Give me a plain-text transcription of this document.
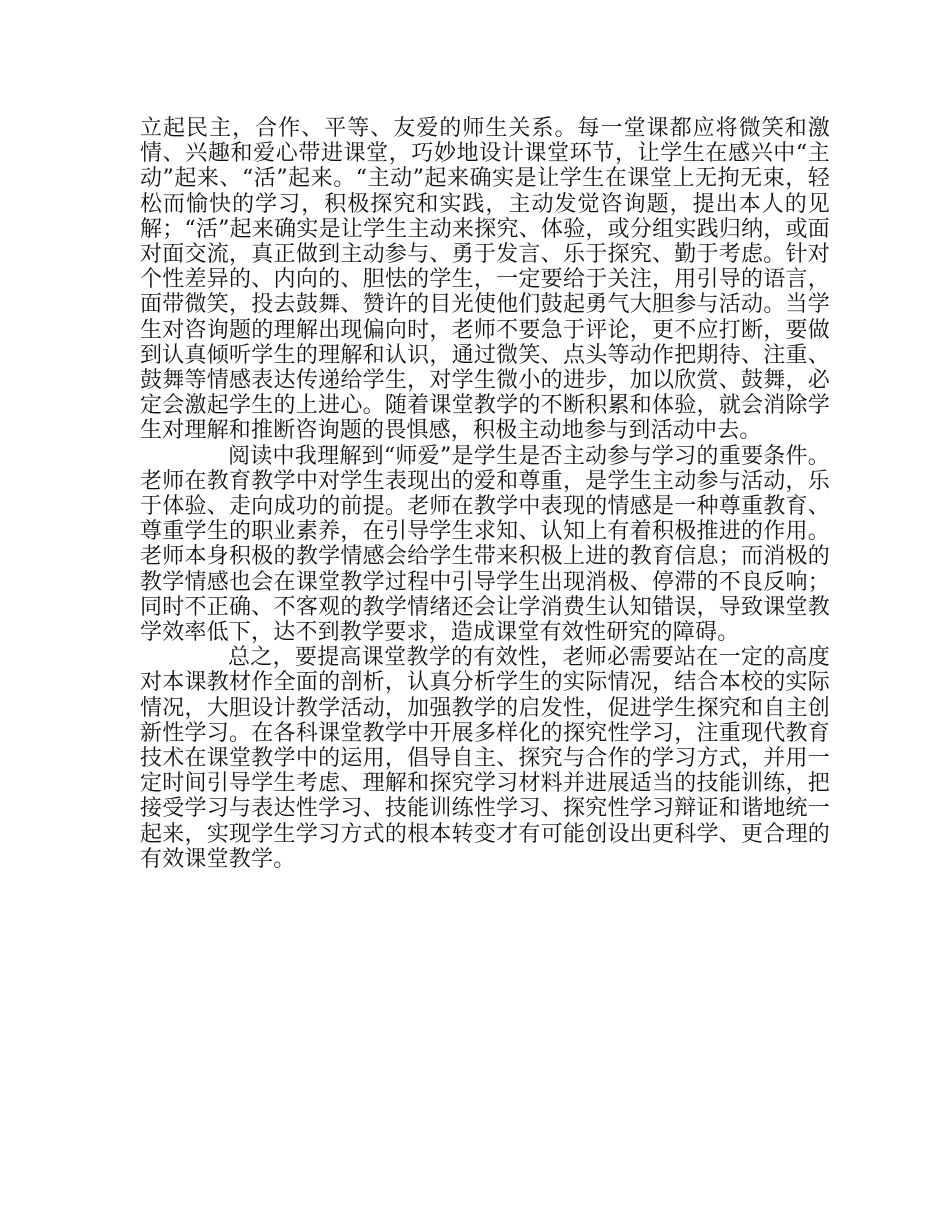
立起民主，合作、平等、友爱的师生关系。每一堂课都应将微笑和激情、兴趣和爱心带进课堂，巧妙地设计课堂环节，让学生在感兴中“主动”起来、“活”起来。“主动”起来确实是让学生在课堂上无拘无束，轻松而愉快的学习，积极探究和实践，主动发觉咨询题，提出本人的见解；“活”起来确实是让学生主动来探究、体验，或分组实践归纳，或面对面交流，真正做到主动参与、勇于发言、乐于探究、勤于考虑。针对个性差异的、内向的、胆怯的学生，一定要给于关注，用引导的语言，面带微笑，投去鼓舞、赞许的目光使他们鼓起勇气大胆参与活动。当学生对咨询题的理解出现偏向时，老师不要急于评论，更不应打断，要做到认真倾听学生的理解和认识，通过微笑、点头等动作把期待、注重、鼓舞等情感表达传递给学生，对学生微小的进步，加以欣赏、鼓舞，必定会激起学生的上进心。随着课堂教学的不断积累和体验，就会消除学生对理解和推断咨询题的畏惧感，积极主动地参与到活动中去。

阅读中我理解到“师爱”是学生是否主动参与学习的重要条件。老师在教育教学中对学生表现出的爱和尊重，是学生主动参与活动，乐于体验、走向成功的前提。老师在教学中表现的情感是一种尊重教育、尊重学生的职业素养，在引导学生求知、认知上有着积极推进的作用。老师本身积极的教学情感会给学生带来积极上进的教育信息；而消极的教学情感也会在课堂教学过程中引导学生出现消极、停滞的不良反响；同时不正确、不客观的教学情绪还会让学消费生认知错误，导致课堂教学效率低下，达不到教学要求，造成课堂有效性研究的障碍。

总之，要提高课堂教学的有效性，老师必需要站在一定的高度对本课教材作全面的剖析，认真分析学生的实际情况，结合本校的实际情况，大胆设计教学活动，加强教学的启发性，促进学生探究和自主创新性学习。在各科课堂教学中开展多样化的探究性学习，注重现代教育技术在课堂教学中的运用，倡导自主、探究与合作的学习方式，并用一定时间引导学生考虑、理解和探究学习材料并进展适当的技能训练，把接受学习与表达性学习、技能训练性学习、探究性学习辩证和谐地统一起来，实现学生学习方式的根本转变才有可能创设出更科学、更合理的有效课堂教学。
